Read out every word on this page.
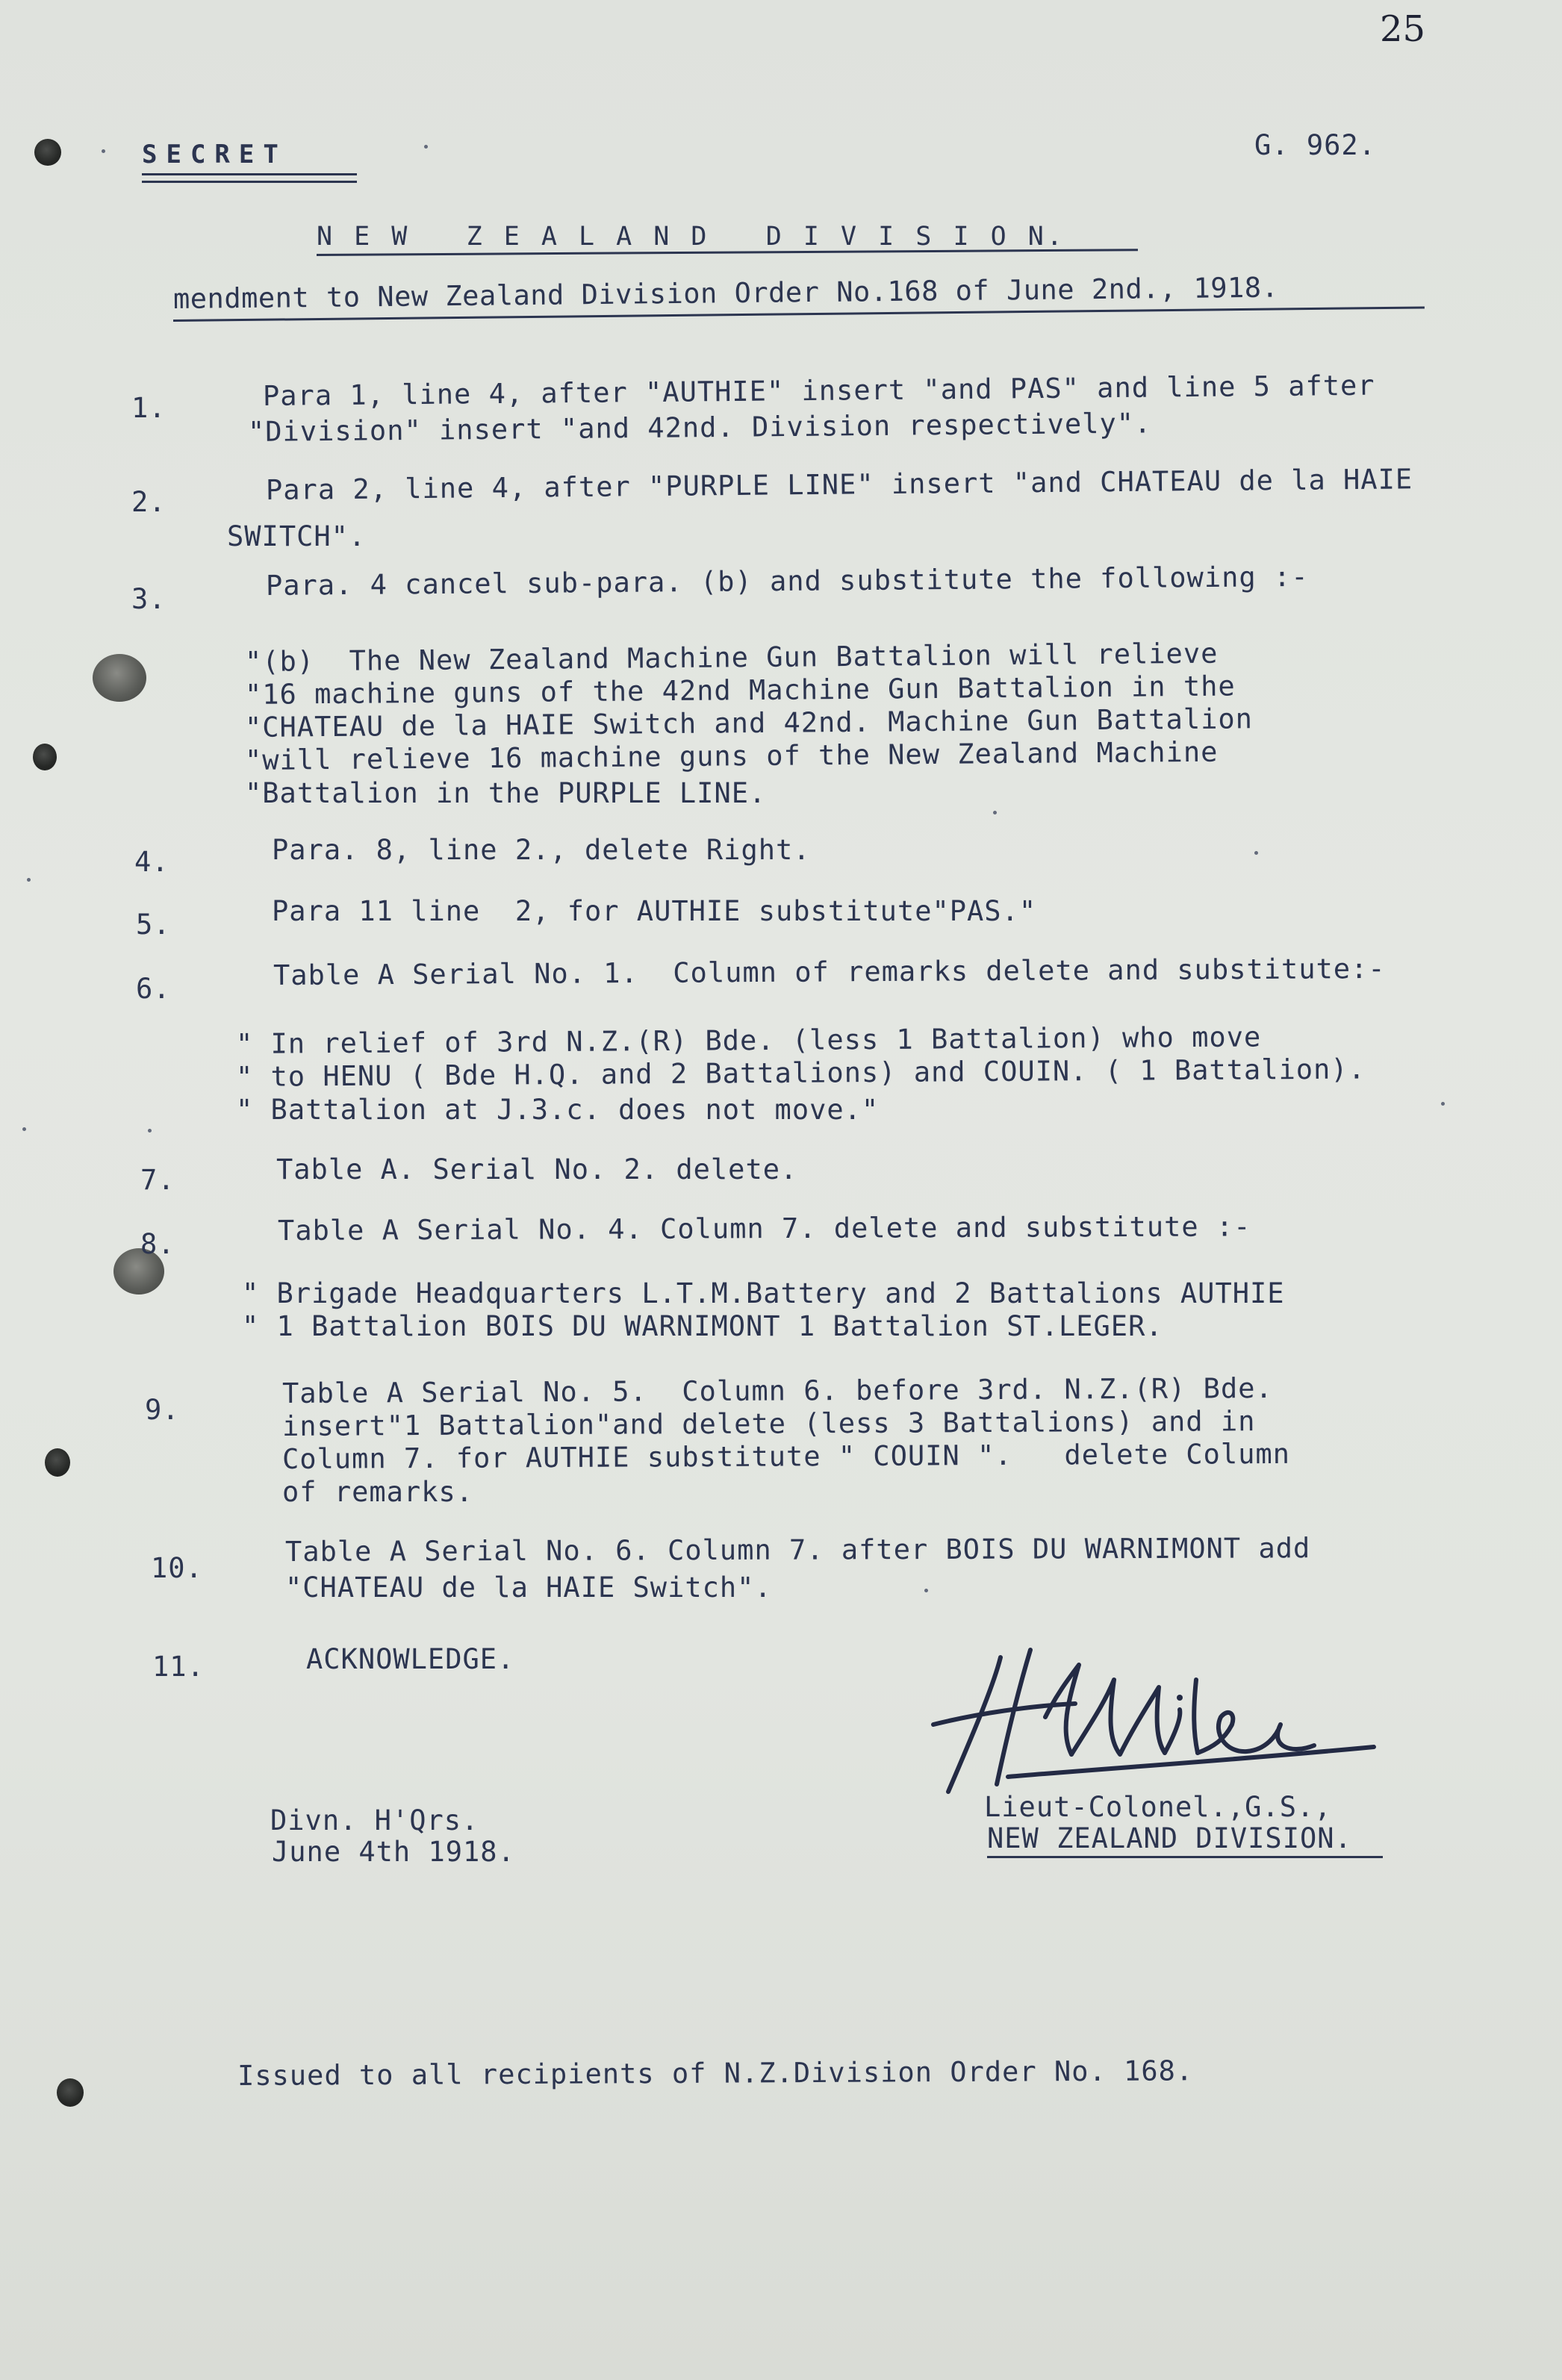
25
SECRET	G. 962.
N E W   Z E A L A N D   D I V I S I O N.
mendment to New Zealand Division Order No.168 of June 2nd., 1918.
1.	Para 1, line 4, after "AUTHIE" insert "and PAS" and line 5 after
"Division" insert "and 42nd. Division respectively".
2.	Para 2, line 4, after "PURPLE LINE" insert "and CHATEAU de la HAIE
SWITCH".
3.	Para. 4 cancel sub-para. (b) and substitute the following :-
"(b)  The New Zealand Machine Gun Battalion will relieve
"16 machine guns of the 42nd Machine Gun Battalion in the
"CHATEAU de la HAIE Switch and 42nd. Machine Gun Battalion
"will relieve 16 machine guns of the New Zealand Machine
"Battalion in the PURPLE LINE.
4.	Para. 8, line 2., delete Right.
5.	Para 11 line  2, for AUTHIE substitute"PAS."
6.	Table A Serial No. 1.  Column of remarks delete and substitute:-
" In relief of 3rd N.Z.(R) Bde. (less 1 Battalion) who move
" to HENU ( Bde H.Q. and 2 Battalions) and COUIN. ( 1 Battalion).
" Battalion at J.3.c. does not move."
7.	Table A. Serial No. 2. delete.
8.	Table A Serial No. 4. Column 7. delete and substitute :-
" Brigade Headquarters L.T.M.Battery and 2 Battalions AUTHIE
" 1 Battalion BOIS DU WARNIMONT 1 Battalion ST.LEGER.
9.
Table A Serial No. 5.  Column 6. before 3rd. N.Z.(R) Bde.
insert"1 Battalion"and delete (less 3 Battalions) and in
Column 7. for AUTHIE substitute " COUIN ".   delete Column
of remarks.
10.
Table A Serial No. 6. Column 7. after BOIS DU WARNIMONT add
"CHATEAU de la HAIE Switch".
11.	ACKNOWLEDGE.
Lieut-Colonel.,G.S.,
NEW ZEALAND DIVISION.
Divn. H'Qrs.
June 4th 1918.
Issued to all recipients of N.Z.Division Order No. 168.
